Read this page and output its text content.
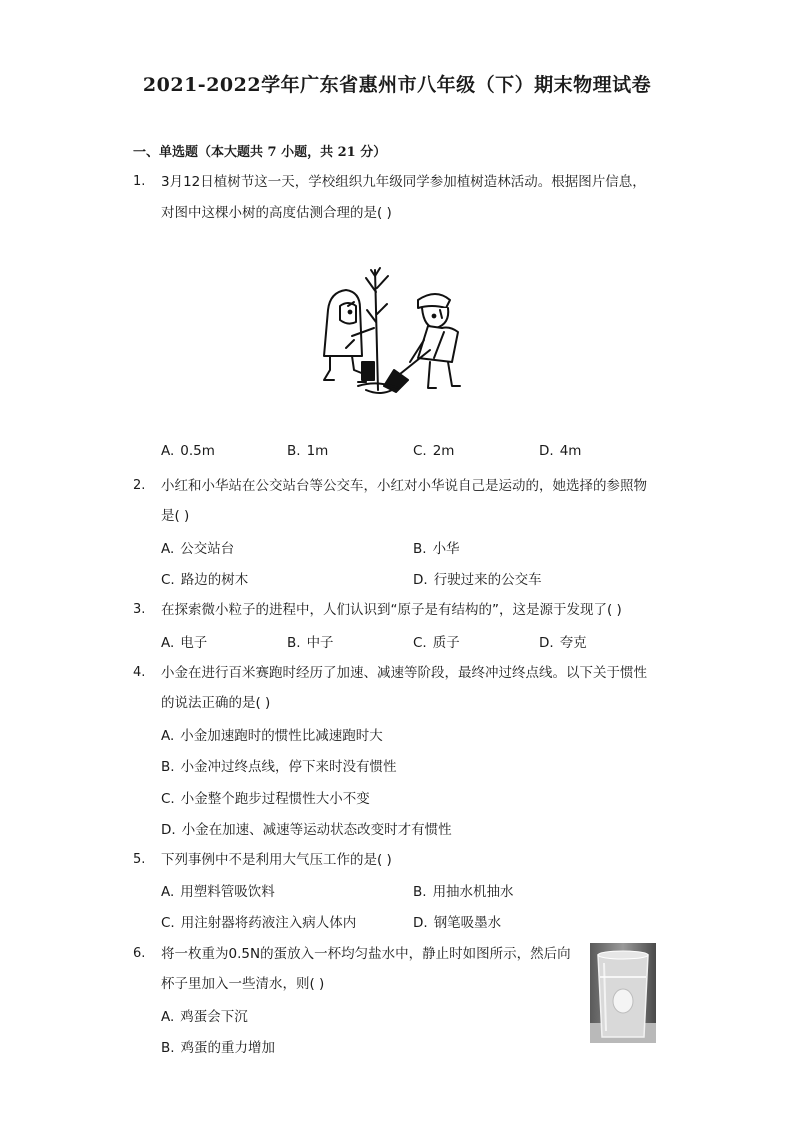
2021-2022学年广东省惠州市八年级（下）期末物理试卷
一、单选题（本大题共 7 小题，共 21 分）
1. 3月12日植树节这一天，学校组织九年级同学参加植树造林活动。根据图片信息，
对图中这棵小树的高度估测合理的是( )
A. 0.5m	B. 1m	C. 2m	D. 4m
2. 小红和小华站在公交站台等公交车，小红对小华说自己是运动的，她选择的参照物
是( )
A. 公交站台	B. 小华
C. 路边的树木	D. 行驶过来的公交车
3. 在探索微小粒子的进程中，人们认识到“原子是有结构的”，这是源于发现了( )
A. 电子	B. 中子	C. 质子	D. 夸克
4. 小金在进行百米赛跑时经历了加速、减速等阶段，最终冲过终点线。以下关于惯性
的说法正确的是( )
A. 小金加速跑时的惯性比减速跑时大
B. 小金冲过终点线，停下来时没有惯性
C. 小金整个跑步过程惯性大小不变
D. 小金在加速、减速等运动状态改变时才有惯性
5. 下列事例中不是利用大气压工作的是( )
A. 用塑料管吸饮料	B. 用抽水机抽水
C. 用注射器将药液注入病人体内	D. 钢笔吸墨水
6. 将一枚重为0.5N的蛋放入一杯均匀盐水中，静止时如图所示，然后向
杯子里加入一些清水，则( )
A. 鸡蛋会下沉
B. 鸡蛋的重力增加
